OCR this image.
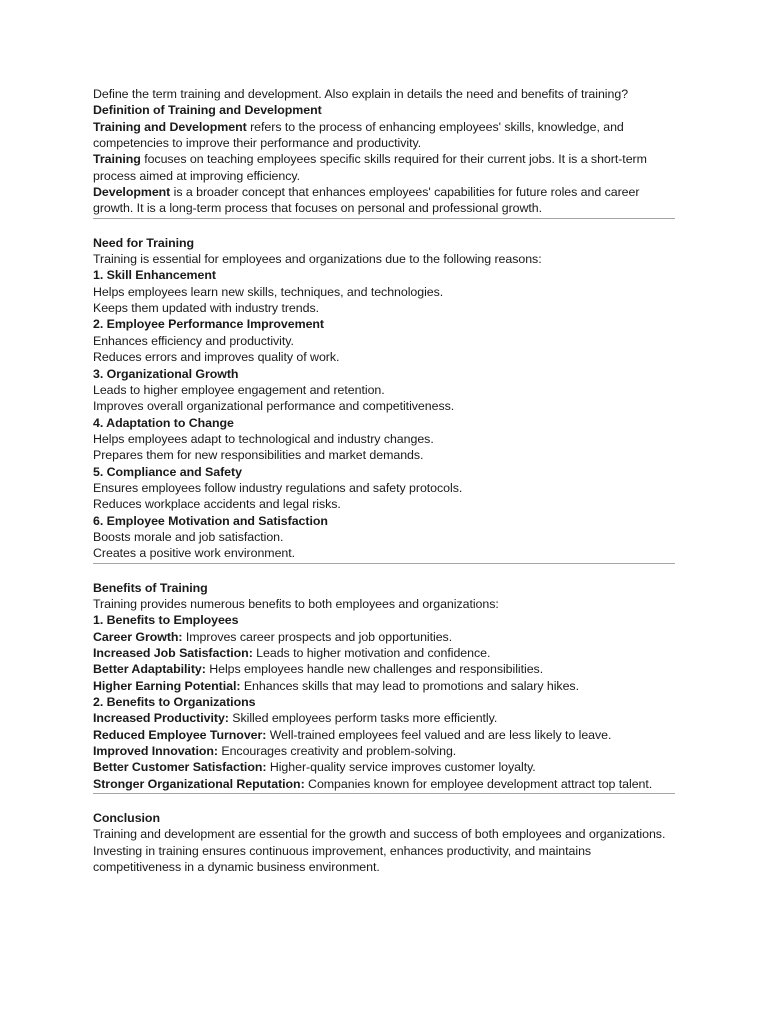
Define the term training and development. Also explain in details the need and benefits of training?
Definition of Training and Development
Training and Development refers to the process of enhancing employees' skills, knowledge, and competencies to improve their performance and productivity.
Training focuses on teaching employees specific skills required for their current jobs. It is a short-term process aimed at improving efficiency.
Development is a broader concept that enhances employees' capabilities for future roles and career growth. It is a long-term process that focuses on personal and professional growth.
Need for Training
Training is essential for employees and organizations due to the following reasons:
1. Skill Enhancement
Helps employees learn new skills, techniques, and technologies.
Keeps them updated with industry trends.
2. Employee Performance Improvement
Enhances efficiency and productivity.
Reduces errors and improves quality of work.
3. Organizational Growth
Leads to higher employee engagement and retention.
Improves overall organizational performance and competitiveness.
4. Adaptation to Change
Helps employees adapt to technological and industry changes.
Prepares them for new responsibilities and market demands.
5. Compliance and Safety
Ensures employees follow industry regulations and safety protocols.
Reduces workplace accidents and legal risks.
6. Employee Motivation and Satisfaction
Boosts morale and job satisfaction.
Creates a positive work environment.
Benefits of Training
Training provides numerous benefits to both employees and organizations:
1. Benefits to Employees
Career Growth: Improves career prospects and job opportunities.
Increased Job Satisfaction: Leads to higher motivation and confidence.
Better Adaptability: Helps employees handle new challenges and responsibilities.
Higher Earning Potential: Enhances skills that may lead to promotions and salary hikes.
2. Benefits to Organizations
Increased Productivity: Skilled employees perform tasks more efficiently.
Reduced Employee Turnover: Well-trained employees feel valued and are less likely to leave.
Improved Innovation: Encourages creativity and problem-solving.
Better Customer Satisfaction: Higher-quality service improves customer loyalty.
Stronger Organizational Reputation: Companies known for employee development attract top talent.
Conclusion
Training and development are essential for the growth and success of both employees and organizations. Investing in training ensures continuous improvement, enhances productivity, and maintains competitiveness in a dynamic business environment.
